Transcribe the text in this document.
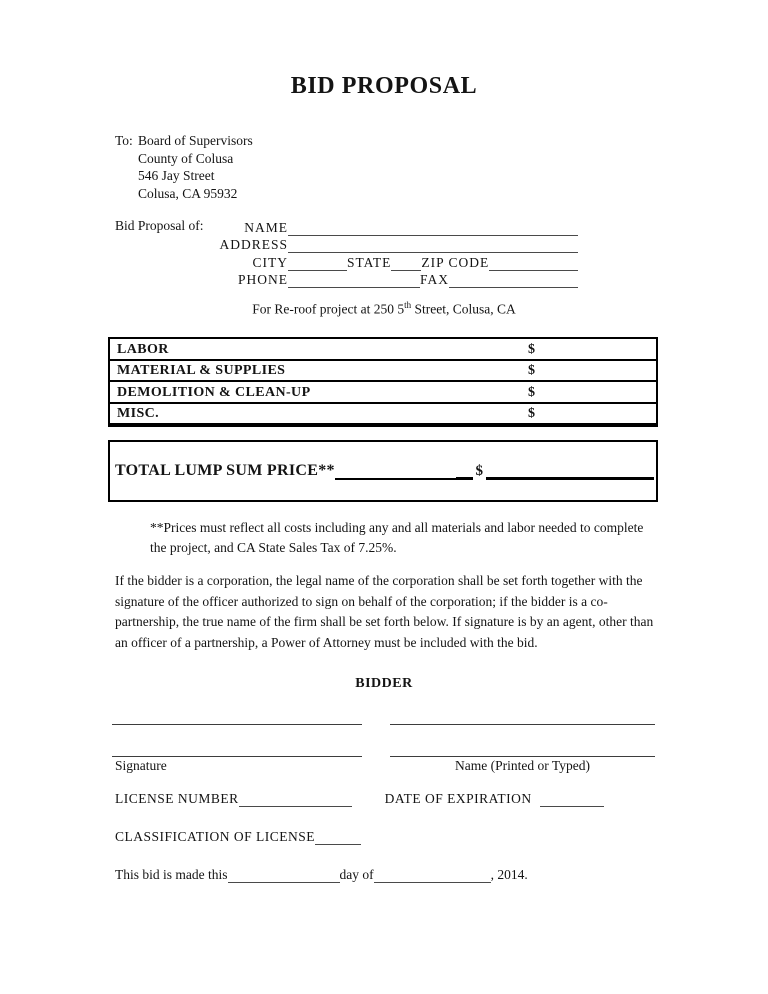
BID PROPOSAL
To: Board of Supervisors
County of Colusa
546 Jay Street
Colusa, CA 95932
Bid Proposal of:	NAME
ADDRESS
CITY	STATE ZIP CODE
PHONE	FAX
For Re-roof project at 250 5th Street, Colusa, CA
LABOR	$
MATERIAL & SUPPLIES	$
DEMOLITION & CLEAN-UP	$
MISC.	$
TOTAL LUMP SUM PRICE**	$
**Prices must reflect all costs including any and all materials and labor needed to complete the project, and CA State Sales Tax of 7.25%.
If the bidder is a corporation, the legal name of the corporation shall be set forth together with the signature of the officer authorized to sign on behalf of the corporation; if the bidder is a co-partnership, the true name of the firm shall be set forth below. If signature is by an agent, other than an officer of a partnership, a Power of Attorney must be included with the bid.
BIDDER
Signature	Name (Printed or Typed)
LICENSE NUMBER	DATE OF EXPIRATION
CLASSIFICATION OF LICENSE
This bid is made this	day of	, 2014.
